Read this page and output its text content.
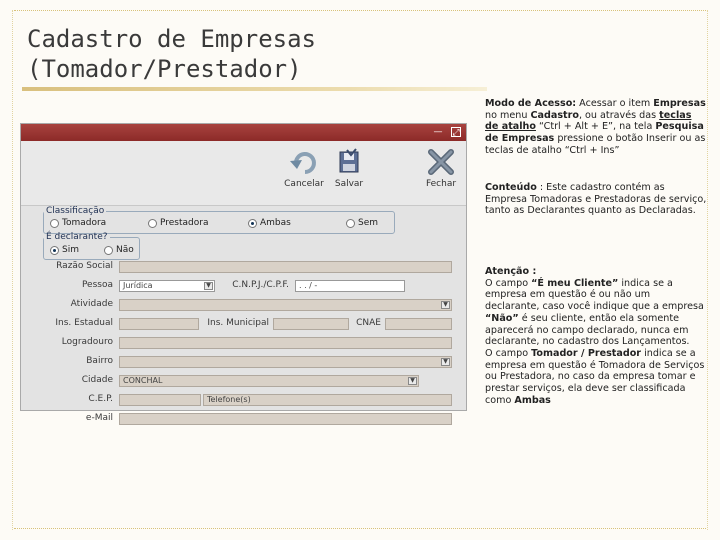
Cadastro de Empresas
(Tomador/Prestador)
— ⤢
Cancelar	Salvar	Fechar
Classificação
Tomadora	Prestadora	Ambas	Sem
É declarante?
Sim	Não
Razão Social
Pessoa	Jurídica	▼	C.N.P.J./C.P.F.	. . / -
Atividade	▼
Ins. Estadual	Ins. Municipal	CNAE
Logradouro
Bairro	▼
Cidade	CONCHAL	▼
C.E.P.	Telefone(s)
e-Mail

Modo de Acesso: Acessar o item Empresas no menu Cadastro, ou através das teclas de atalho “Ctrl + Alt + E”, na tela Pesquisa de Empresas pressione o botão Inserir ou as teclas de atalho “Ctrl + Ins”

Conteúdo : Este cadastro contém as Empresa Tomadoras e Prestadoras de serviço, tanto as Declarantes quanto as Declaradas.

Atenção :

O campo “É meu Cliente” indica se a empresa em questão é ou não um declarante, caso você indique que a empresa “Não” é seu cliente, então ela somente aparecerá no campo declarado, nunca em declarante, no cadastro dos Lançamentos.

O campo Tomador / Prestador indica se a empresa em questão é Tomadora de Serviços ou Prestadora, no caso da empresa tomar e prestar serviços, ela deve ser classificada como Ambas
